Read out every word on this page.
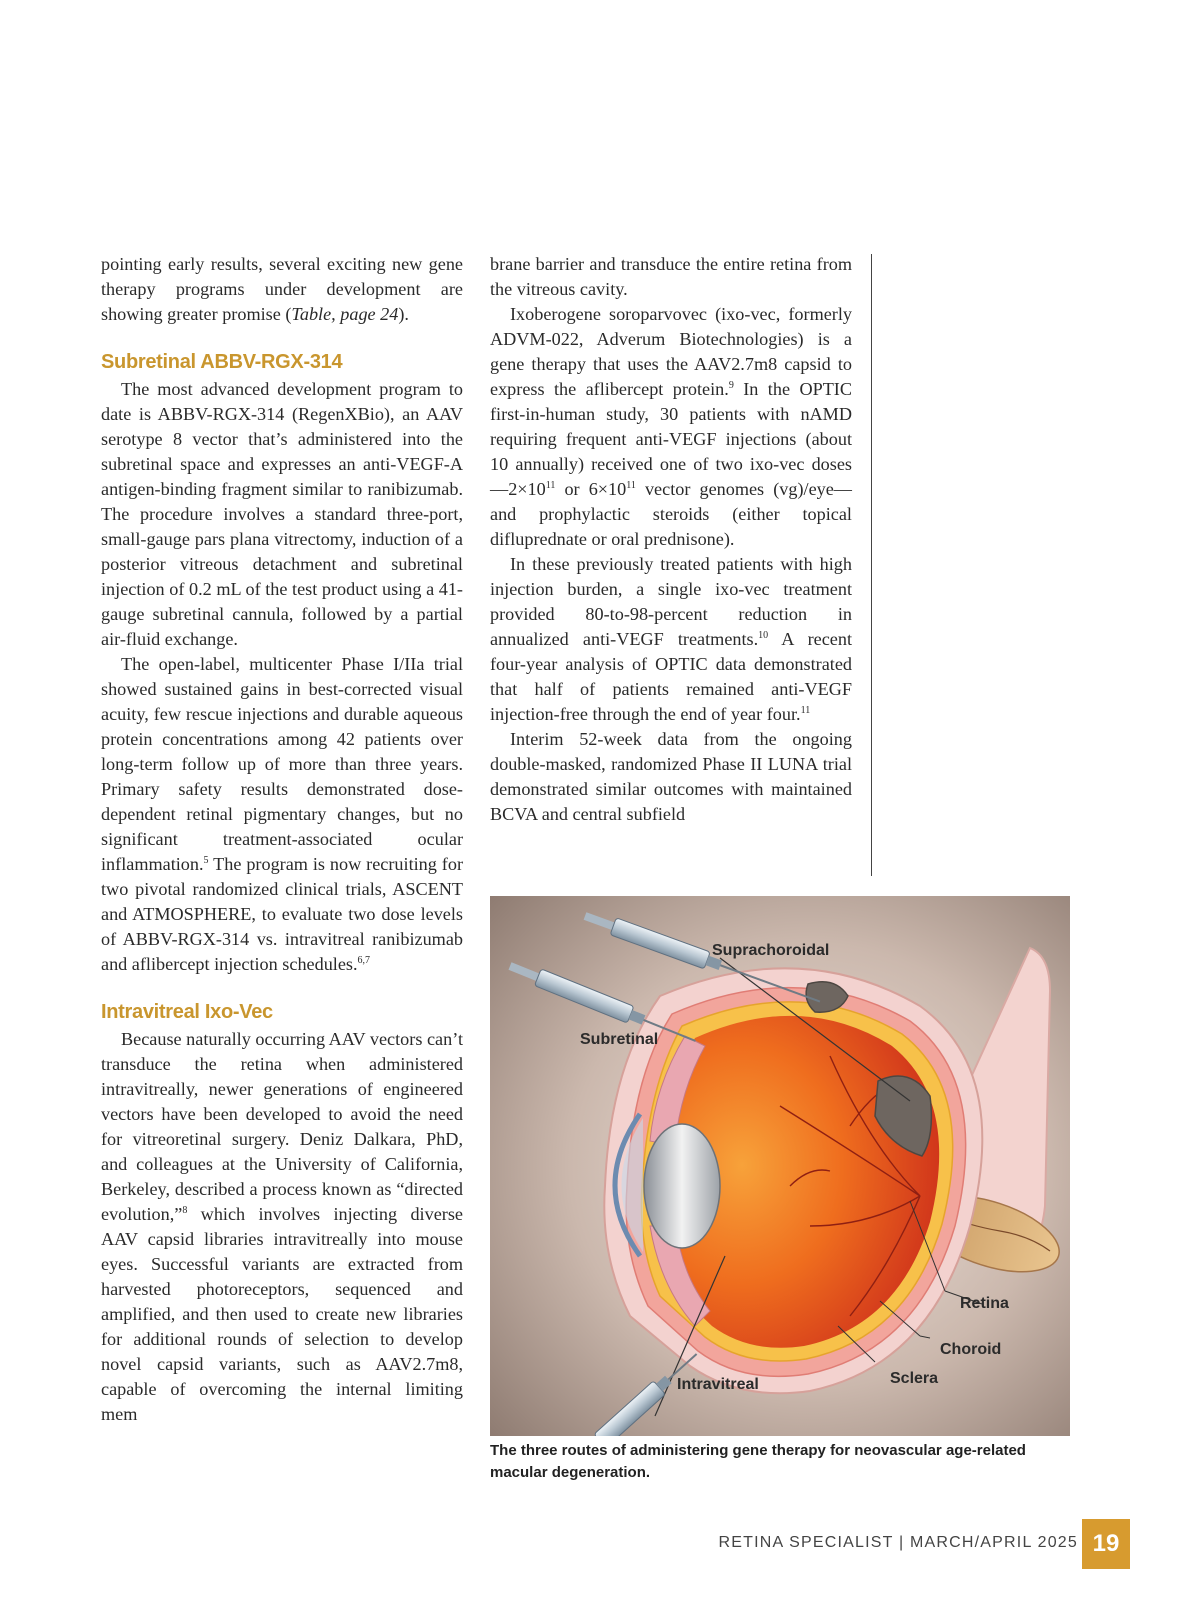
pointing early results, several exciting new gene therapy programs under development are showing greater promise (Table, page 24).

Subretinal ABBV-RGX-314

The most advanced development program to date is ABBV-RGX-314 (RegenXBio), an AAV serotype 8 vector that’s administered into the subretinal space and expresses an anti-VEGF-A antigen-binding fragment similar to ranibizumab. The procedure involves a standard three-port, small-gauge pars plana vitrectomy, induction of a posterior vitreous detachment and subretinal injection of 0.2 mL of the test product using a 41-gauge subretinal cannula, followed by a partial air-fluid exchange.

The open-label, multicenter Phase I/IIa trial showed sustained gains in best-corrected visual acuity, few rescue injections and durable aqueous protein concentrations among 42 patients over long-term follow up of more than three years. Primary safety results demonstrated dose-dependent retinal pigmentary changes, but no significant treatment-associated ocular inflammation.$^5$ The program is now recruiting for two pivotal randomized clinical trials, ASCENT and ATMOSPHERE, to evaluate two dose levels of ABBV-RGX-314 vs. intravitreal ranibizumab and aflibercept injection schedules.$^{6,7}$

Intravitreal Ixo-Vec

Because naturally occurring AAV vectors can’t transduce the retina when administered intravitreally, newer generations of engineered vectors have been developed to avoid the need for vitreoretinal surgery. Deniz Dalkara, PhD, and colleagues at the University of California, Berkeley, described a process known as “directed evolution,”$^8$ which involves injecting diverse AAV capsid libraries intravitreally into mouse eyes. Successful variants are extracted from harvested photoreceptors, sequenced and amplified, and then used to create new libraries for additional rounds of selection to develop novel capsid variants, such as AAV2.7m8, capable of overcoming the internal limiting mem

brane barrier and transduce the entire retina from the vitreous cavity.

Ixoberogene soroparvovec (ixo-vec, formerly ADVM-022, Adverum Biotechnologies) is a gene therapy that uses the AAV2.7m8 capsid to express the aflibercept protein.$^9$ In the OPTIC first-in-human study, 30 patients with nAMD requiring frequent anti-VEGF injections (about 10 annually) received one of two ixo-vec $doses—2\times 10^{11}$ or $6\times 10^{11}$ vector genomes (vg)/eye—and prophylactic steroids (either topical difluprednate or oral prednisone).

In these previously treated patients with high injection burden, a single ixo-vec treatment provided 80-to-98-percent reduction in annualized anti-VEGF treatments.$^{10}$ A recent four-year analysis of OPTIC data demonstrated that half of patients remained anti-VEGF injection-free through the end of year four.$^{11}$

Interim 52-week data from the ongoing double-masked, randomized Phase II LUNA trial demonstrated similar outcomes with maintained BCVA and central subfield

Suprachoroidal
Subretinal
Retina
Choroid
Sclera
Intravitreal
The three routes of administering gene therapy for neovascular age-related macular degeneration.
RETINA SPECIALIST | MARCH/APRIL 2025 19
